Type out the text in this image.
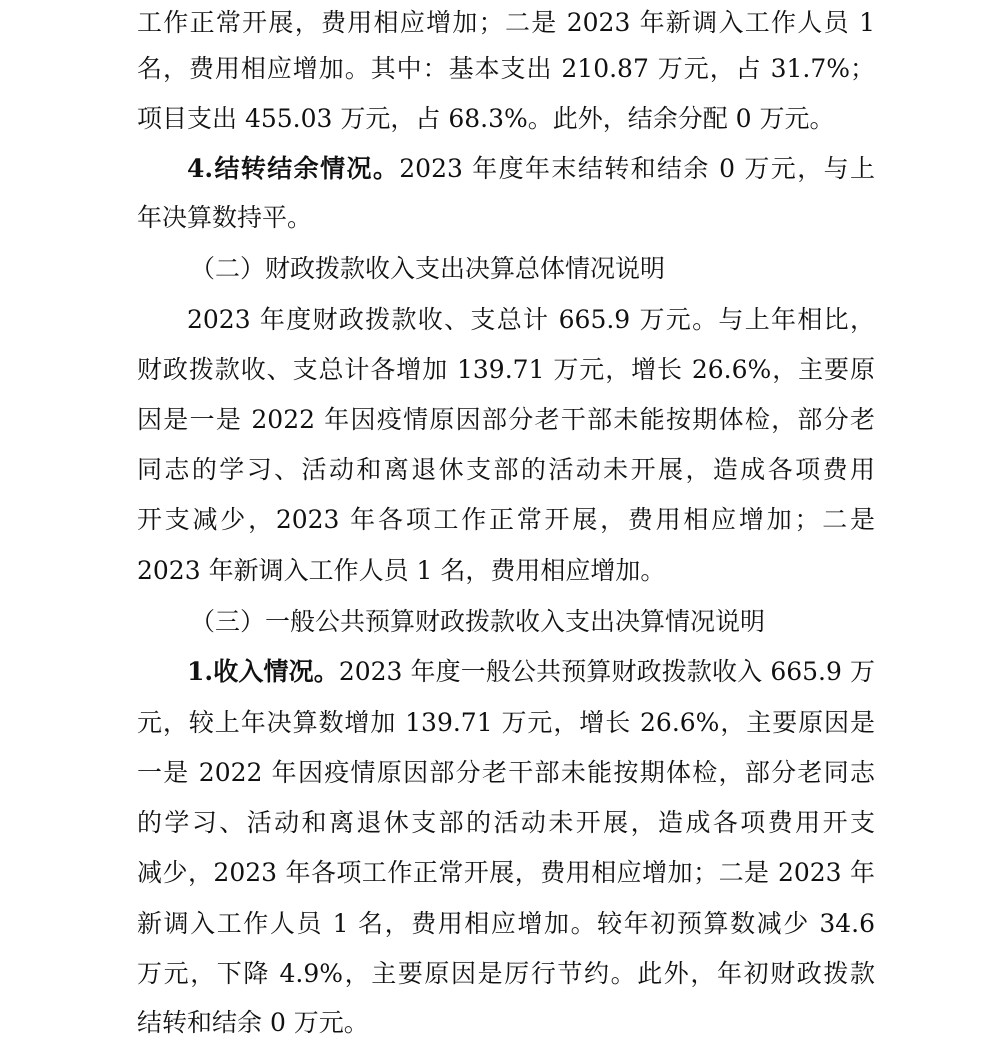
工作正常开展，费用相应增加；二是 2023 年新调入工作人员 1
名，费用相应增加。其中：基本支出 210.87 万元，占 31.7%；
项目支出 455.03 万元，占 68.3%。此外，结余分配 0 万元。
4.结转结余情况。2023 年度年末结转和结余 0 万元，与上
年决算数持平。
（二）财政拨款收入支出决算总体情况说明
2023 年度财政拨款收、支总计 665.9 万元。与上年相比，
财政拨款收、支总计各增加 139.71 万元，增长 26.6%，主要原
因是一是 2022 年因疫情原因部分老干部未能按期体检，部分老
同志的学习、活动和离退休支部的活动未开展，造成各项费用
开支减少，2023 年各项工作正常开展，费用相应增加；二是
2023 年新调入工作人员 1 名，费用相应增加。
（三）一般公共预算财政拨款收入支出决算情况说明
1.收入情况。2023 年度一般公共预算财政拨款收入 665.9 万
元，较上年决算数增加 139.71 万元，增长 26.6%，主要原因是
一是 2022 年因疫情原因部分老干部未能按期体检，部分老同志
的学习、活动和离退休支部的活动未开展，造成各项费用开支
减少，2023 年各项工作正常开展，费用相应增加；二是 2023 年
新调入工作人员 1 名，费用相应增加。较年初预算数减少 34.6
万元，下降 4.9%，主要原因是厉行节约。此外，年初财政拨款
结转和结余 0 万元。
